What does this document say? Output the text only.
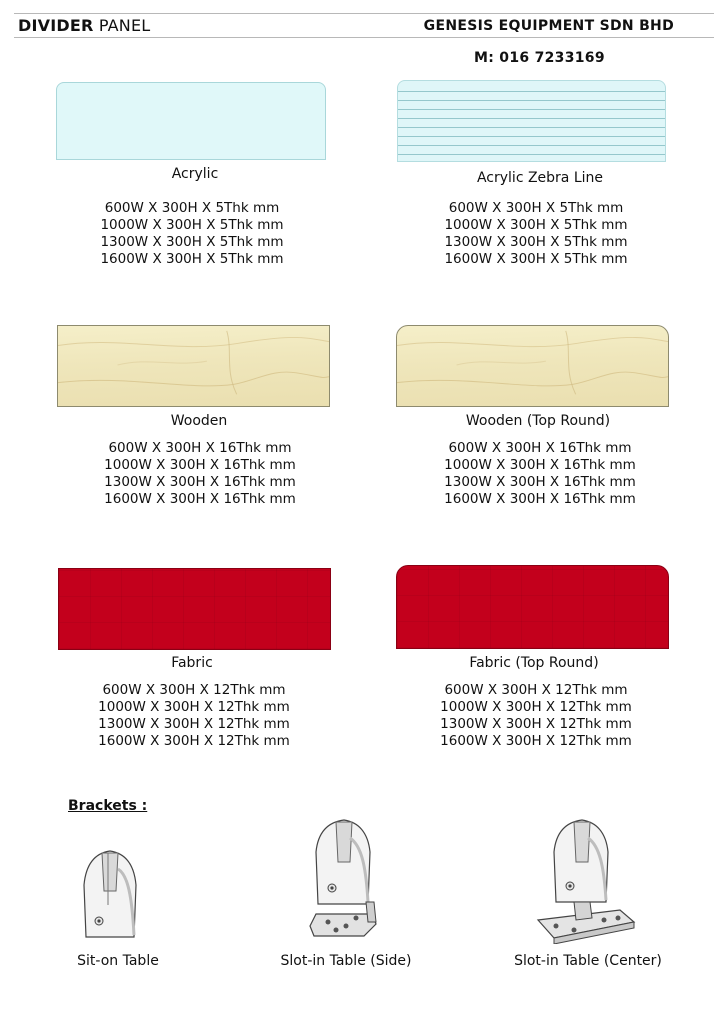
DIVIDER PANEL	GENESIS EQUIPMENT SDN BHD
M: 016 7233169
Acrylic
600W X 300H X 5Thk mm
1000W X 300H X 5Thk mm
1300W X 300H X 5Thk mm
1600W X 300H X 5Thk mm
Acrylic Zebra Line
600W X 300H X 5Thk mm
1000W X 300H X 5Thk mm
1300W X 300H X 5Thk mm
1600W X 300H X 5Thk mm
Wooden
600W X 300H X 16Thk mm
1000W X 300H X 16Thk mm
1300W X 300H X 16Thk mm
1600W X 300H X 16Thk mm
Wooden (Top Round)
600W X 300H X 16Thk mm
1000W X 300H X 16Thk mm
1300W X 300H X 16Thk mm
1600W X 300H X 16Thk mm
Fabric
600W X 300H X 12Thk mm
1000W X 300H X 12Thk mm
1300W X 300H X 12Thk mm
1600W X 300H X 12Thk mm
Fabric (Top Round)
600W X 300H X 12Thk mm
1000W X 300H X 12Thk mm
1300W X 300H X 12Thk mm
1600W X 300H X 12Thk mm
Brackets :
Sit-on Table	Slot-in Table (Side)	Slot-in Table (Center)
